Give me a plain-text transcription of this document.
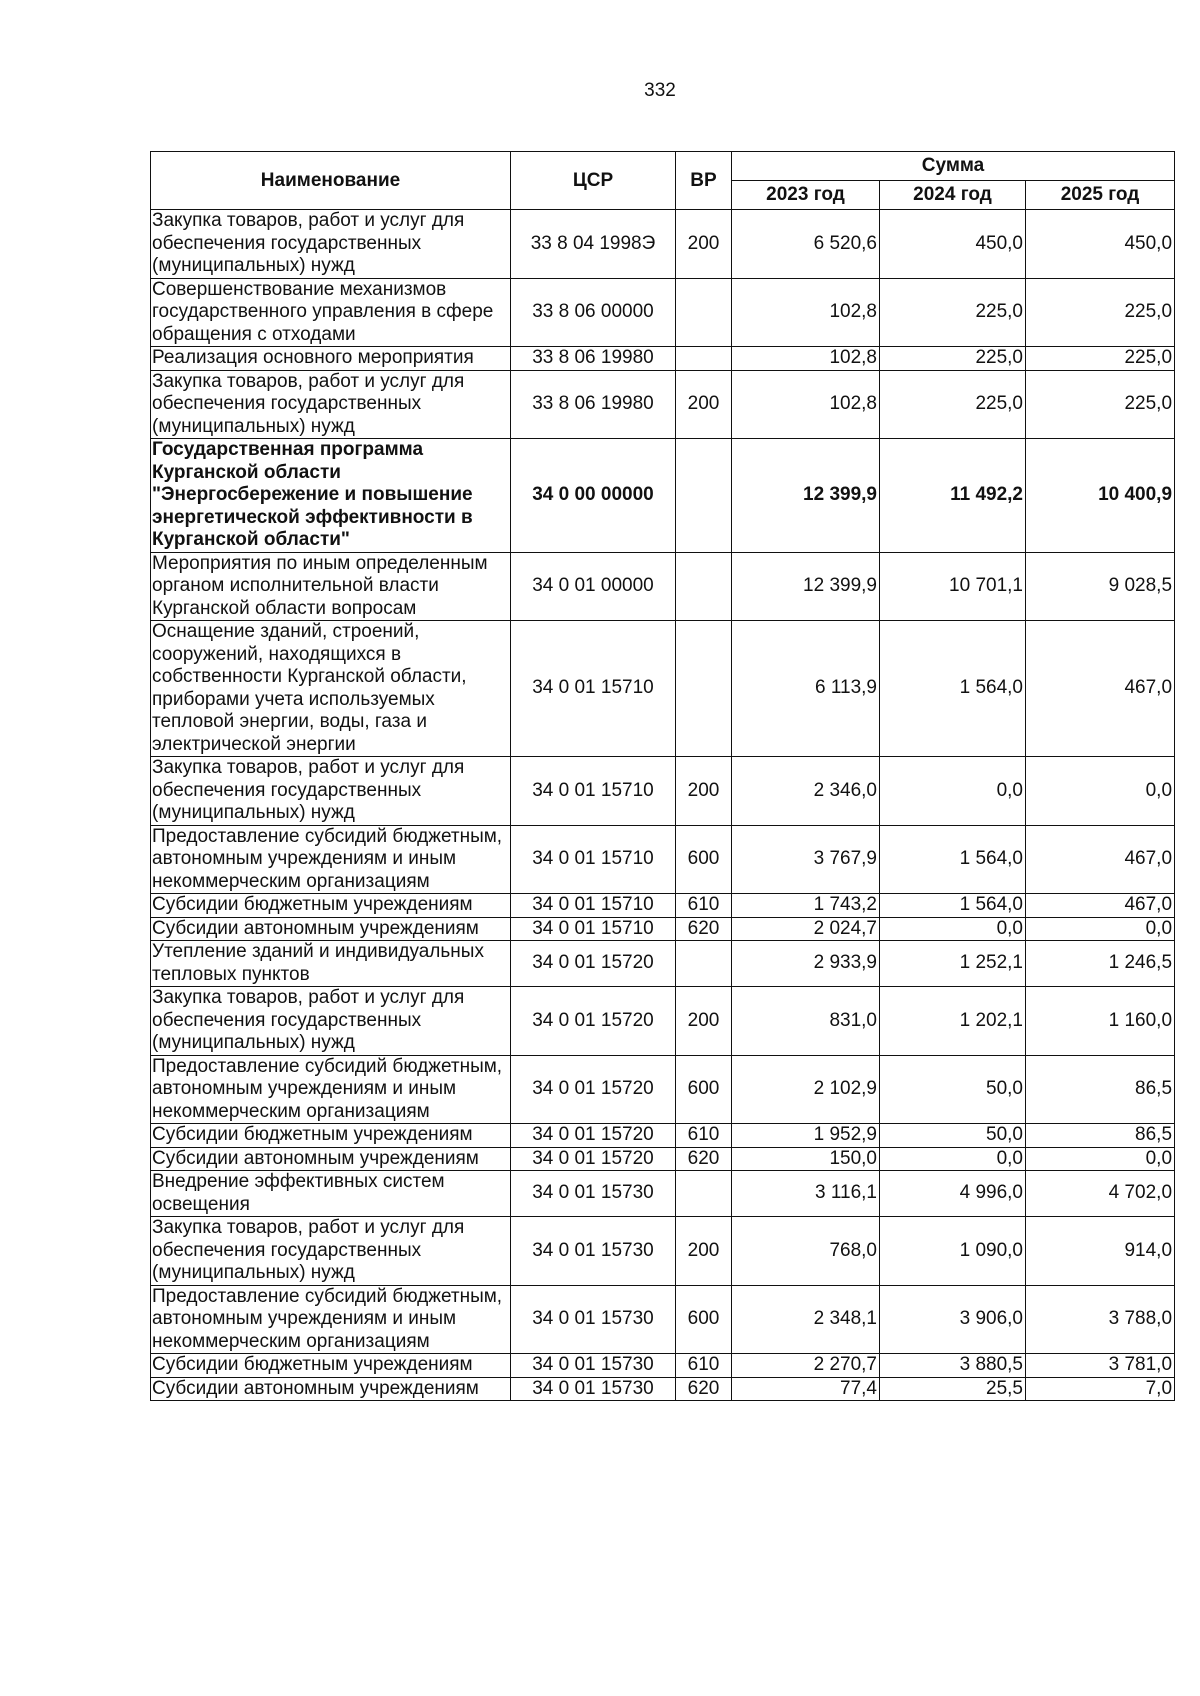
332
Наименование	ЦСР	ВР	Сумма		
			2023 год	2024 год	2025 год
Закупка товаров, работ и услуг для обеспечения государственных (муниципальных) нужд	33 8 04 1998Э	200	6 520,6	450,0	450,0
Совершенствование механизмов государственного управления в сфере обращения с отходами	33 8 06 00000		102,8	225,0	225,0
Реализация основного мероприятия	33 8 06 19980		102,8	225,0	225,0
Закупка товаров, работ и услуг для обеспечения государственных (муниципальных) нужд	33 8 06 19980	200	102,8	225,0	225,0
Государственная программа Курганской области "Энергосбережение и повышение энергетической эффективности в Курганской области"	34 0 00 00000		12 399,9	11 492,2	10 400,9
Мероприятия по иным определенным органом исполнительной власти Курганской области вопросам	34 0 01 00000		12 399,9	10 701,1	9 028,5
Оснащение зданий, строений, сооружений, находящихся в собственности Курганской области, приборами учета используемых тепловой энергии, воды, газа и электрической энергии	34 0 01 15710		6 113,9	1 564,0	467,0
Закупка товаров, работ и услуг для обеспечения государственных (муниципальных) нужд	34 0 01 15710	200	2 346,0	0,0	0,0
Предоставление субсидий бюджетным, автономным учреждениям и иным некоммерческим организациям	34 0 01 15710	600	3 767,9	1 564,0	467,0
Субсидии бюджетным учреждениям	34 0 01 15710	610	1 743,2	1 564,0	467,0
Субсидии автономным учреждениям	34 0 01 15710	620	2 024,7	0,0	0,0
Утепление зданий и индивидуальных тепловых пунктов	34 0 01 15720		2 933,9	1 252,1	1 246,5
Закупка товаров, работ и услуг для обеспечения государственных (муниципальных) нужд	34 0 01 15720	200	831,0	1 202,1	1 160,0
Предоставление субсидий бюджетным, автономным учреждениям и иным некоммерческим организациям	34 0 01 15720	600	2 102,9	50,0	86,5
Субсидии бюджетным учреждениям	34 0 01 15720	610	1 952,9	50,0	86,5
Субсидии автономным учреждениям	34 0 01 15720	620	150,0	0,0	0,0
Внедрение эффективных систем освещения	34 0 01 15730		3 116,1	4 996,0	4 702,0
Закупка товаров, работ и услуг для обеспечения государственных (муниципальных) нужд	34 0 01 15730	200	768,0	1 090,0	914,0
Предоставление субсидий бюджетным, автономным учреждениям и иным некоммерческим организациям	34 0 01 15730	600	2 348,1	3 906,0	3 788,0
Субсидии бюджетным учреждениям	34 0 01 15730	610	2 270,7	3 880,5	3 781,0
Субсидии автономным учреждениям	34 0 01 15730	620	77,4	25,5	7,0
